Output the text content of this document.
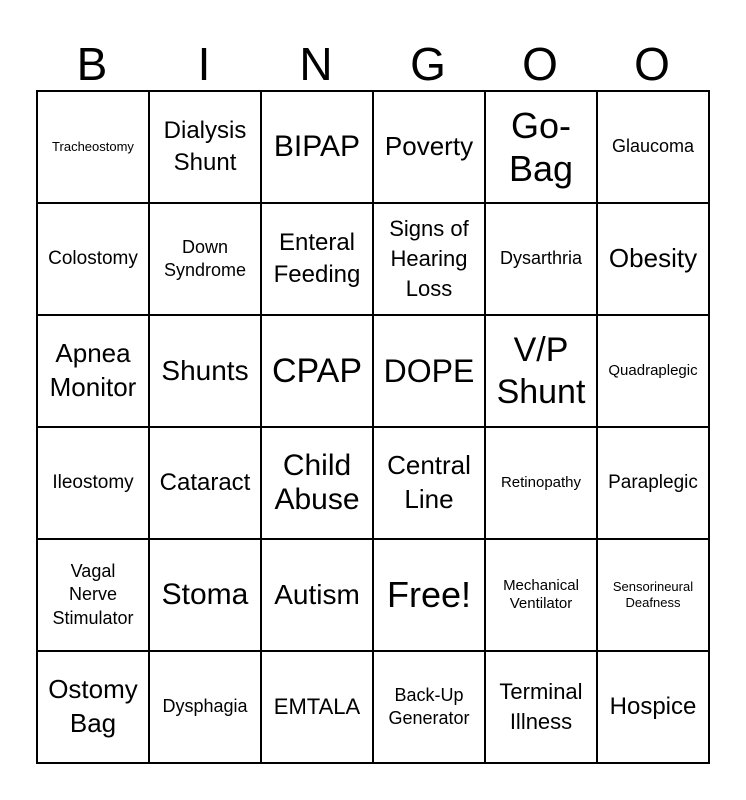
B	I	N	G	O	O
Tracheostomy
Dialysis Shunt	BIPAP Poverty
Go-Bag
Glaucoma
Colostomy
Down Syndrome
Enteral Feeding
Signs of Hearing Loss
Dysarthria Obesity
Apnea Monitor
Shunts CPAP DOPE
V/P Shunt
Quadraplegic
Ileostomy Cataract
Child Abuse
Central Line
Retinopathy Paraplegic
Vagal Nerve Stimulator
Stoma Autism Free!	Mechanical Ventilator
Sensorineural Deafness
Ostomy Bag
Dysphagia EMTALA	Back-Up Generator
Terminal Illness
Hospice
